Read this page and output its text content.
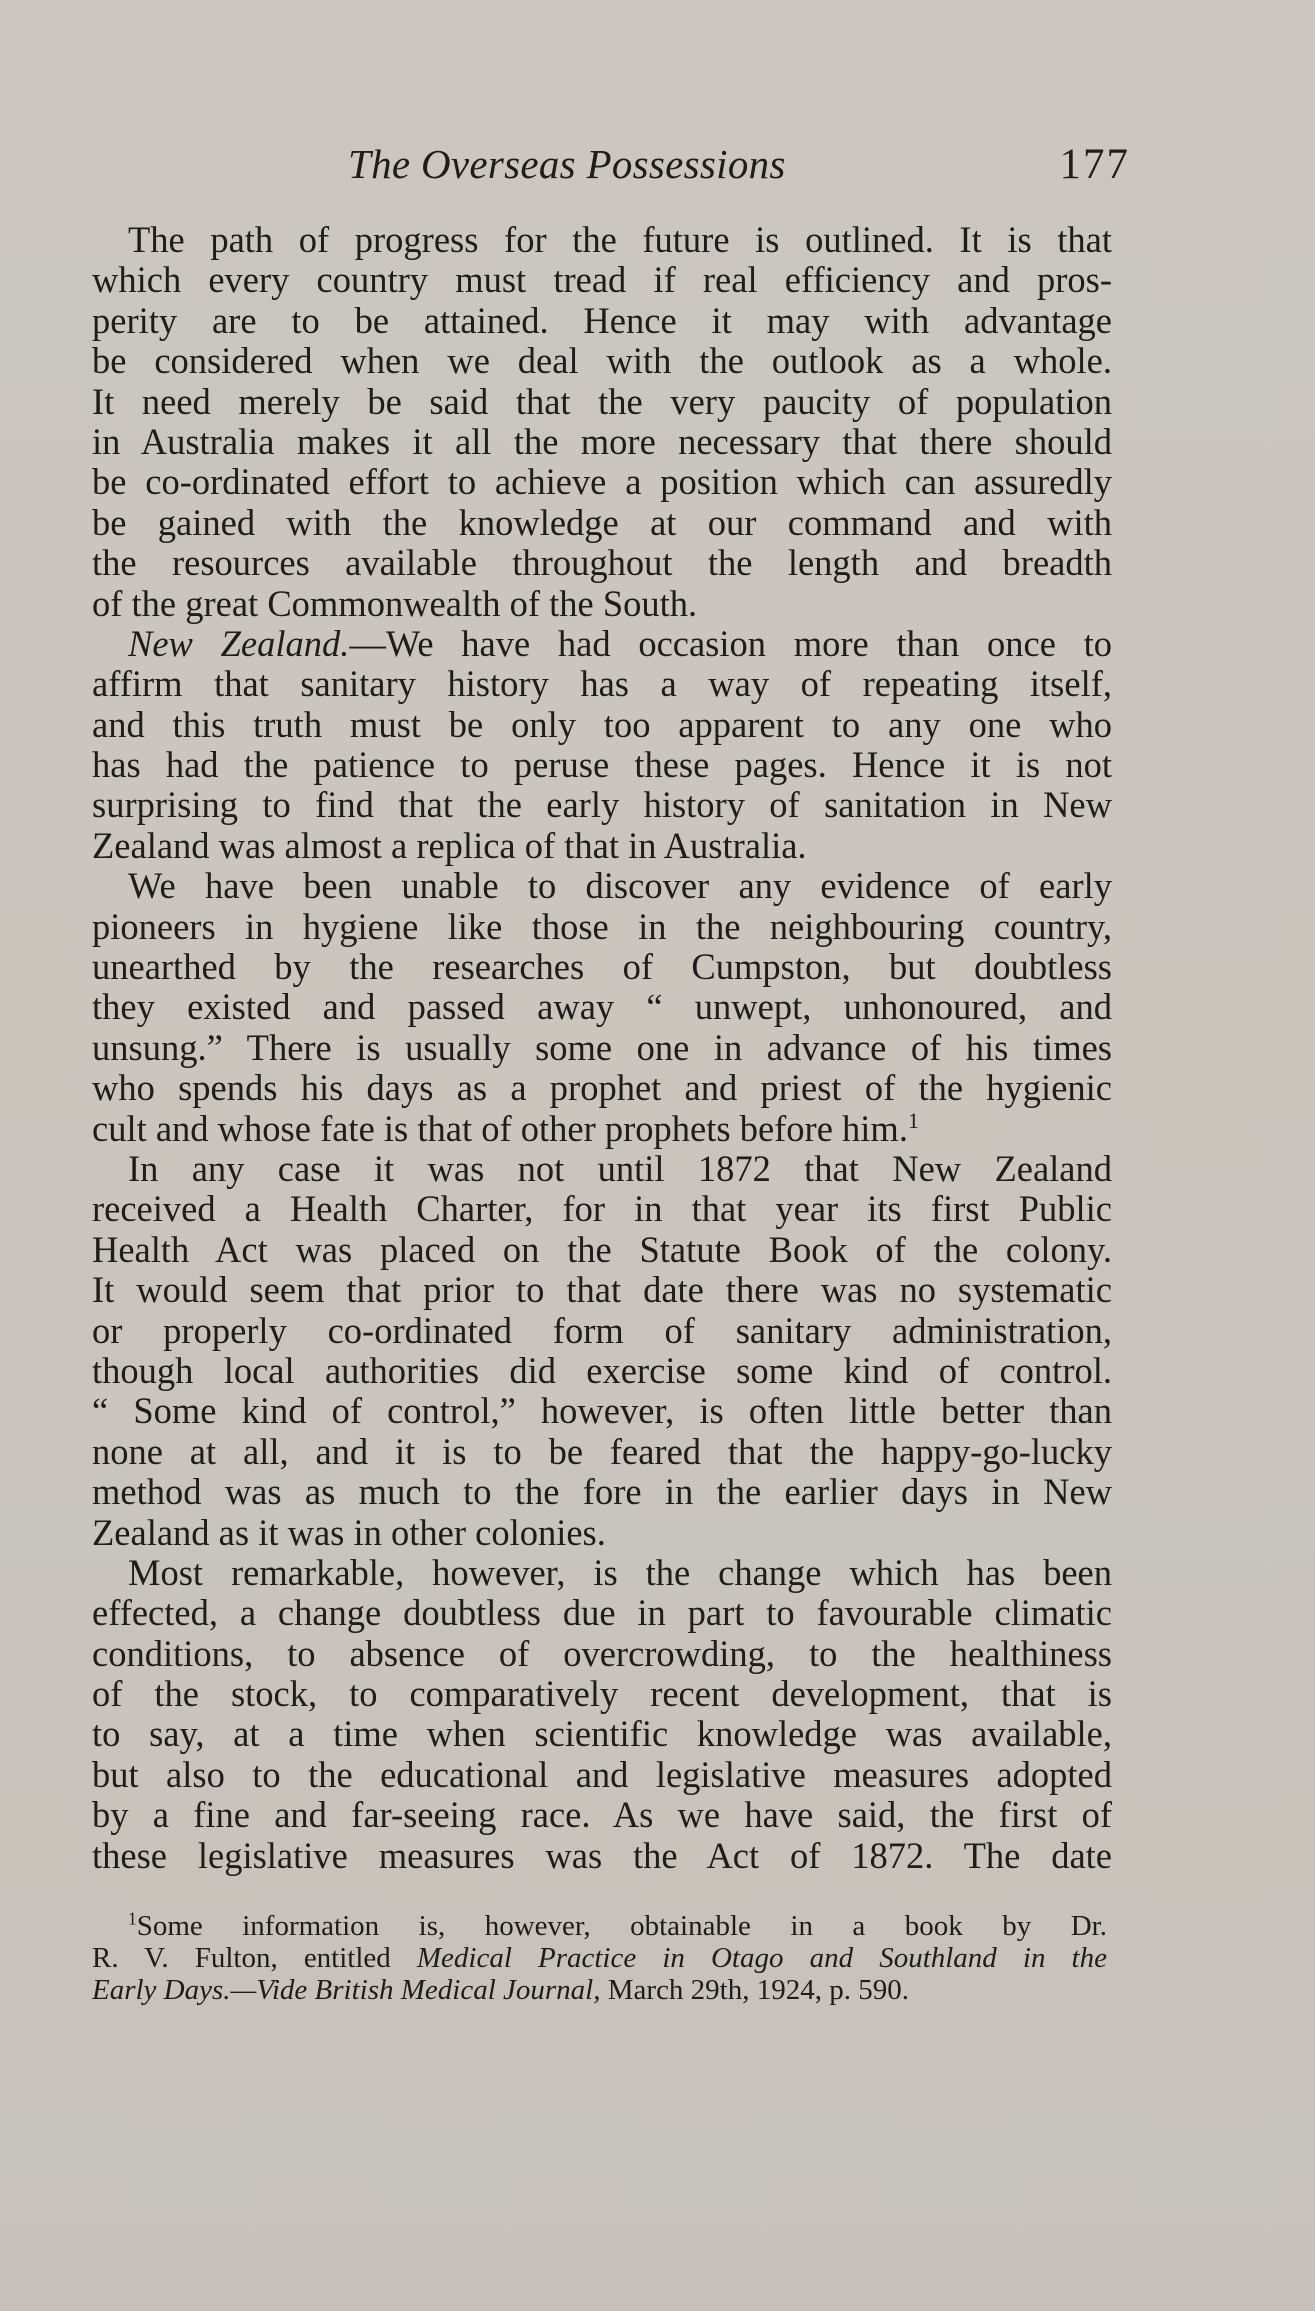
The Overseas Possessions	177
The path of progress for the future is outlined. It is that
which every country must tread if real efficiency and pros-
perity are to be attained. Hence it may with advantage
be considered when we deal with the outlook as a whole.
It need merely be said that the very paucity of population
in Australia makes it all the more necessary that there should
be co-ordinated effort to achieve a position which can assuredly
be gained with the knowledge at our command and with
the resources available throughout the length and breadth
of the great Commonwealth of the South.
New Zealand.—We have had occasion more than once to
affirm that sanitary history has a way of repeating itself,
and this truth must be only too apparent to any one who
has had the patience to peruse these pages. Hence it is not
surprising to find that the early history of sanitation in New
Zealand was almost a replica of that in Australia.
We have been unable to discover any evidence of early
pioneers in hygiene like those in the neighbouring country,
unearthed by the researches of Cumpston, but doubtless
they existed and passed away “ unwept, unhonoured, and
unsung.” There is usually some one in advance of his times
who spends his days as a prophet and priest of the hygienic
cult and whose fate is that of other prophets before him.$^1$
In any case it was not until 1872 that New Zealand
received a Health Charter, for in that year its first Public
Health Act was placed on the Statute Book of the colony.
It would seem that prior to that date there was no systematic
or properly co-ordinated form of sanitary administration,
though local authorities did exercise some kind of control.
“ Some kind of control,” however, is often little better than
none at all, and it is to be feared that the happy-go-lucky
method was as much to the fore in the earlier days in New
Zealand as it was in other colonies.
Most remarkable, however, is the change which has been
effected, a change doubtless due in part to favourable climatic
conditions, to absence of overcrowding, to the healthiness
of the stock, to comparatively recent development, that is
to say, at a time when scientific knowledge was available,
but also to the educational and legislative measures adopted
by a fine and far-seeing race. As we have said, the first of
these legislative measures was the Act of 1872. The date
$^1$Some information is, however, obtainable in a book by Dr.
R. V. Fulton, entitled Medical Practice in Otago and Southland in the
Early Days.—Vide British Medical Journal, March 29th, 1924, p. 590.
